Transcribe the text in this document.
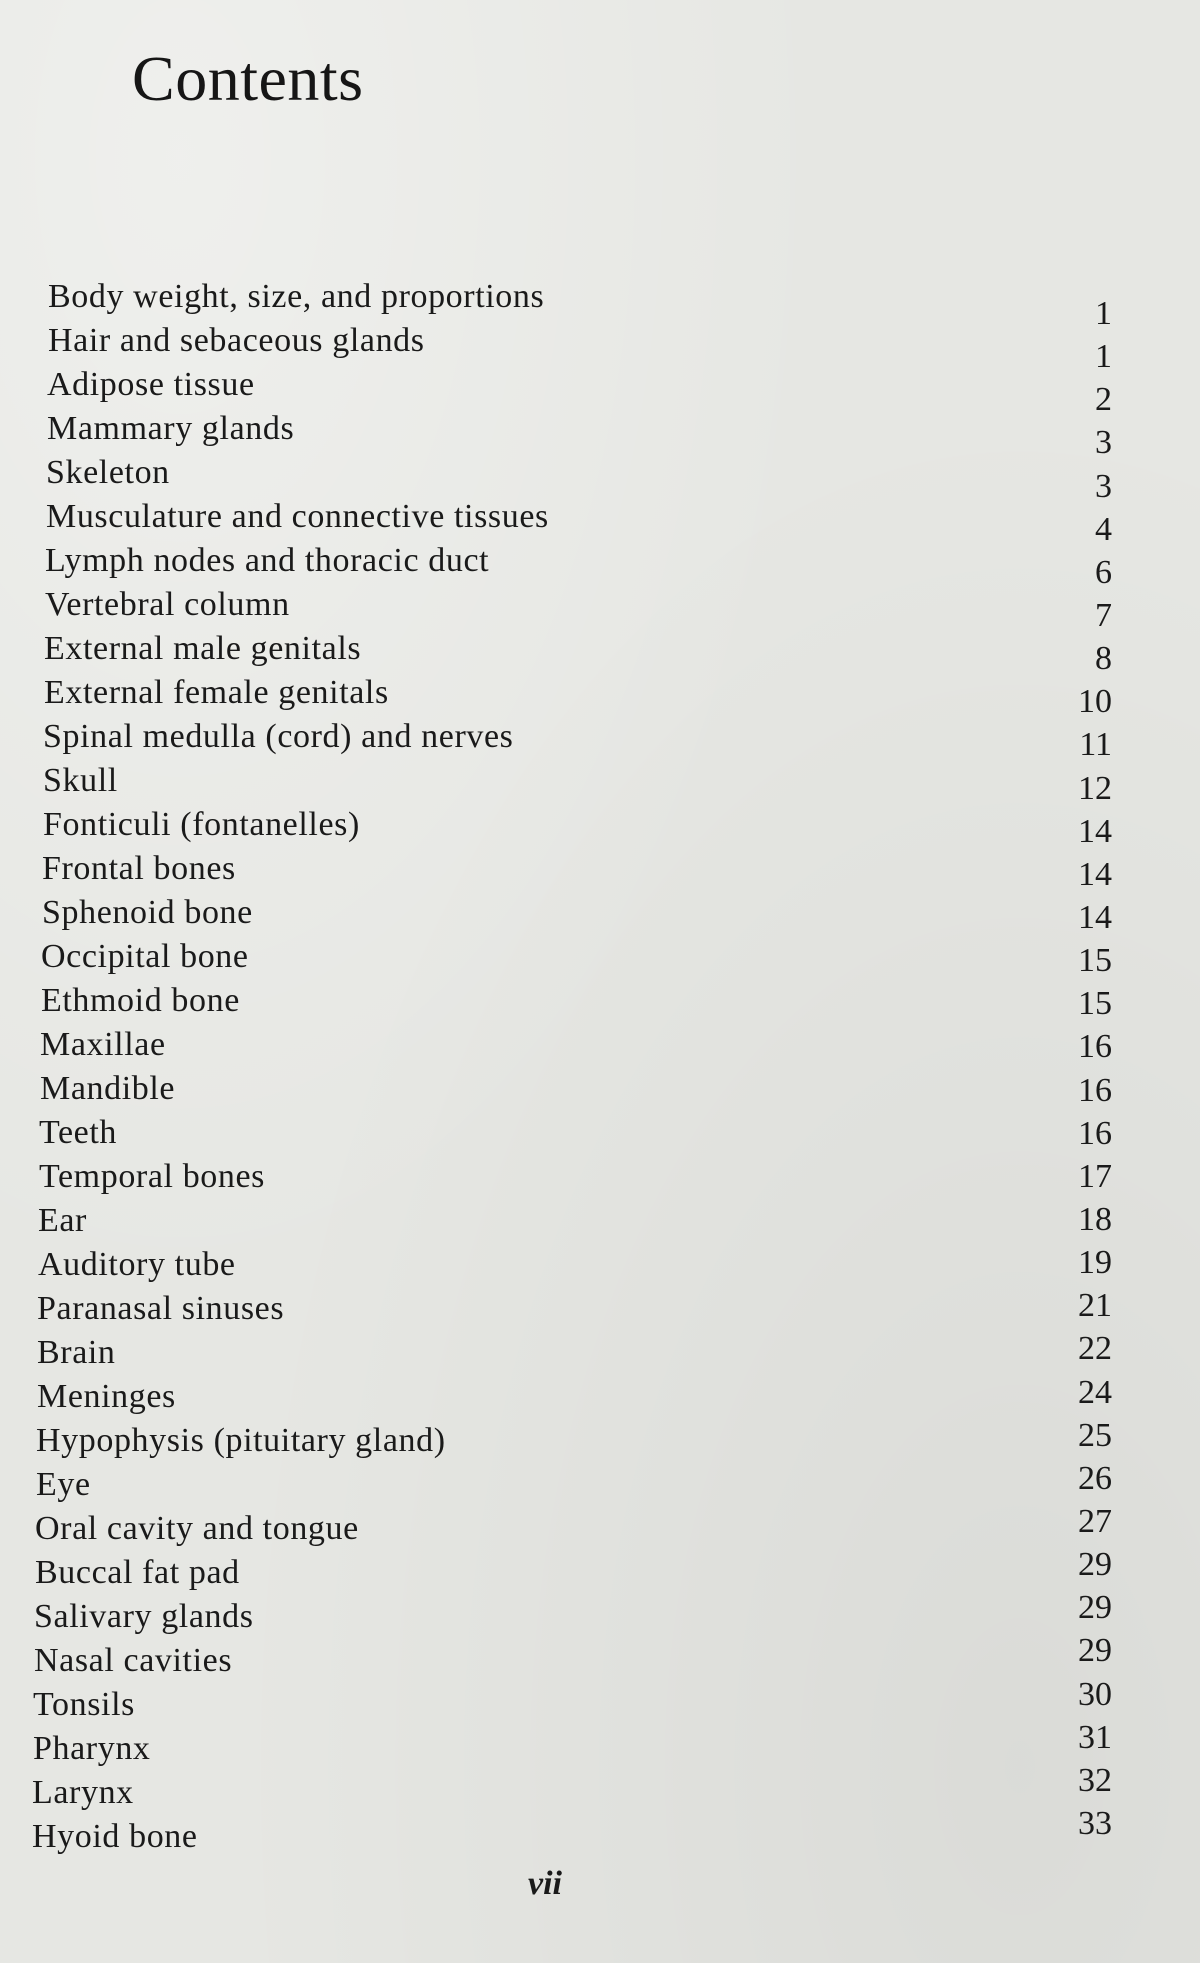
Contents
Body weight, size, and proportions	1
Hair and sebaceous glands	1
Adipose tissue	2
Mammary glands	3
Skeleton	3
Musculature and connective tissues	4
Lymph nodes and thoracic duct	6
Vertebral column	7
External male genitals	8
External female genitals	10
Spinal medulla (cord) and nerves	11
Skull	12
Fonticuli (fontanelles)	14
Frontal bones	14
Sphenoid bone	14
Occipital bone	15
Ethmoid bone	15
Maxillae	16
Mandible	16
Teeth	16
Temporal bones	17
Ear	18
Auditory tube	19
Paranasal sinuses	21
Brain	22
Meninges	24
Hypophysis (pituitary gland)	25
Eye	26
Oral cavity and tongue	27
Buccal fat pad	29
Salivary glands	29
Nasal cavities	29
Tonsils	30
Pharynx	31
Larynx	32
Hyoid bone	33
vii
